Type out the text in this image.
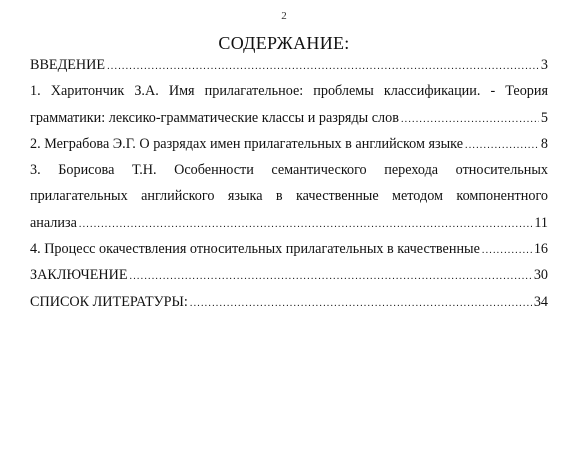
2
СОДЕРЖАНИЕ:
ВВЕДЕНИЕ .....	3
1. Харитончик З.А. Имя прилагательное: проблемы классификации. - Теория
грамматики: лексико-грамматические классы и разряды слов .....	5
2. Меграбова Э.Г. О разрядах имен прилагательных в английском языке .....	8
3. Борисова Т.Н. Особенности семантического перехода относительных
прилагательных английского языка в качественные методом компонентного
анализа .....	11
4. Процесс окачествления относительных прилагательных в качественные .....	16
ЗАКЛЮЧЕНИЕ .....	30
СПИСОК ЛИТЕРАТУРЫ: .....	34
